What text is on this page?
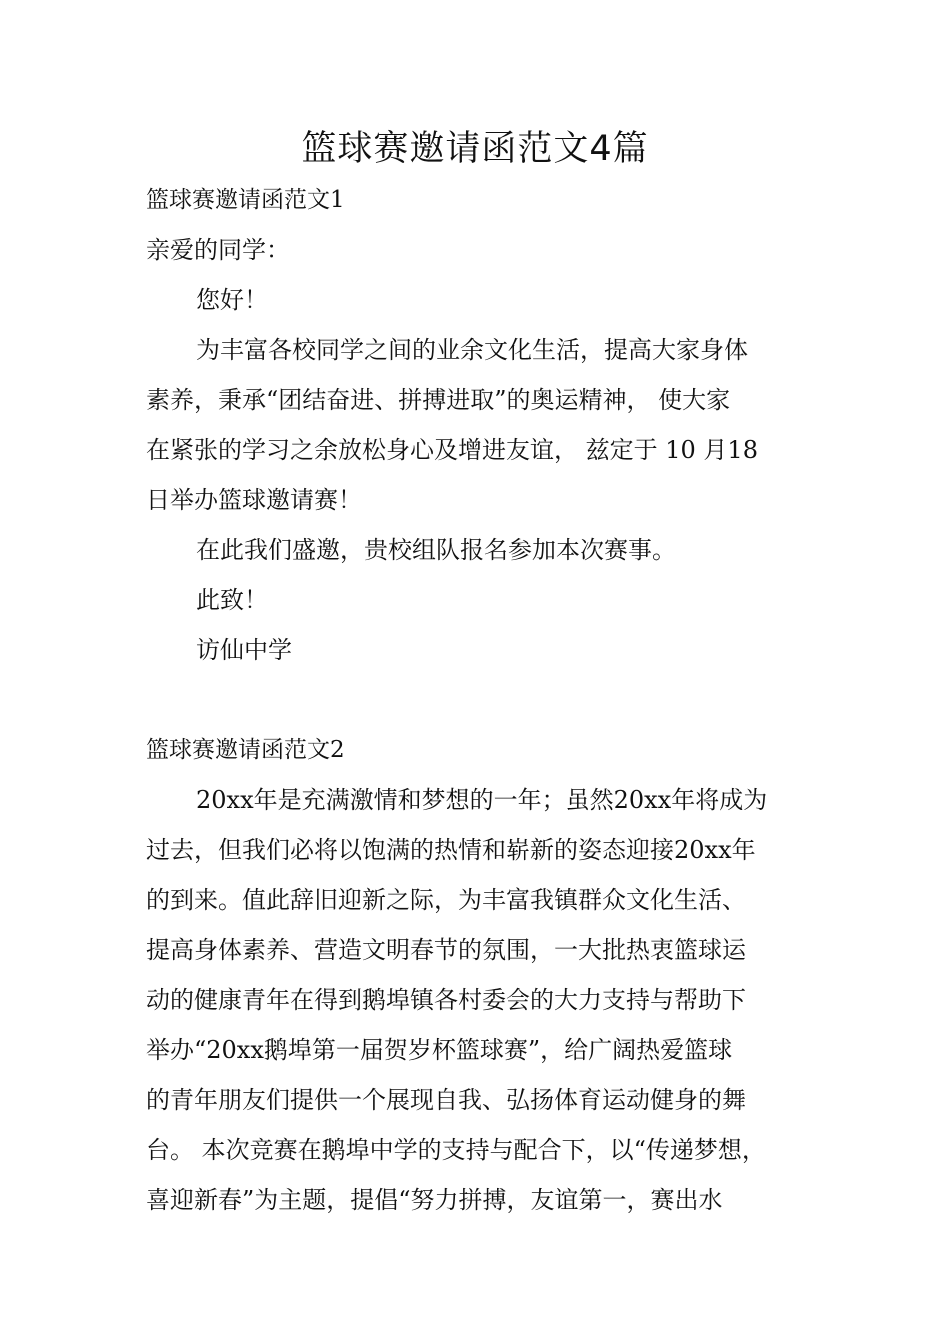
篮球赛邀请函范文4篇
篮球赛邀请函范文1
亲爱的同学：
您好！
为丰富各校同学之间的业余文化生活，提高大家身体
素养，秉承“团结奋进、拼搏进取”的奥运精神， 使大家
在紧张的学习之余放松身心及增进友谊， 兹定于 10 月18
日举办篮球邀请赛！
在此我们盛邀，贵校组队报名参加本次赛事。
此致！
访仙中学
篮球赛邀请函范文2
20xx年是充满激情和梦想的一年；虽然20xx年将成为
过去，但我们必将以饱满的热情和崭新的姿态迎接20xx年
的到来。值此辞旧迎新之际，为丰富我镇群众文化生活、
提高身体素养、营造文明春节的氛围，一大批热衷篮球运
动的健康青年在得到鹅埠镇各村委会的大力支持与帮助下
举办“20xx鹅埠第一届贺岁杯篮球赛”，给广阔热爱篮球
的青年朋友们提供一个展现自我、弘扬体育运动健身的舞
台。 本次竞赛在鹅埠中学的支持与配合下，以“传递梦想，
喜迎新春”为主题，提倡“努力拼搏，友谊第一，赛出水
